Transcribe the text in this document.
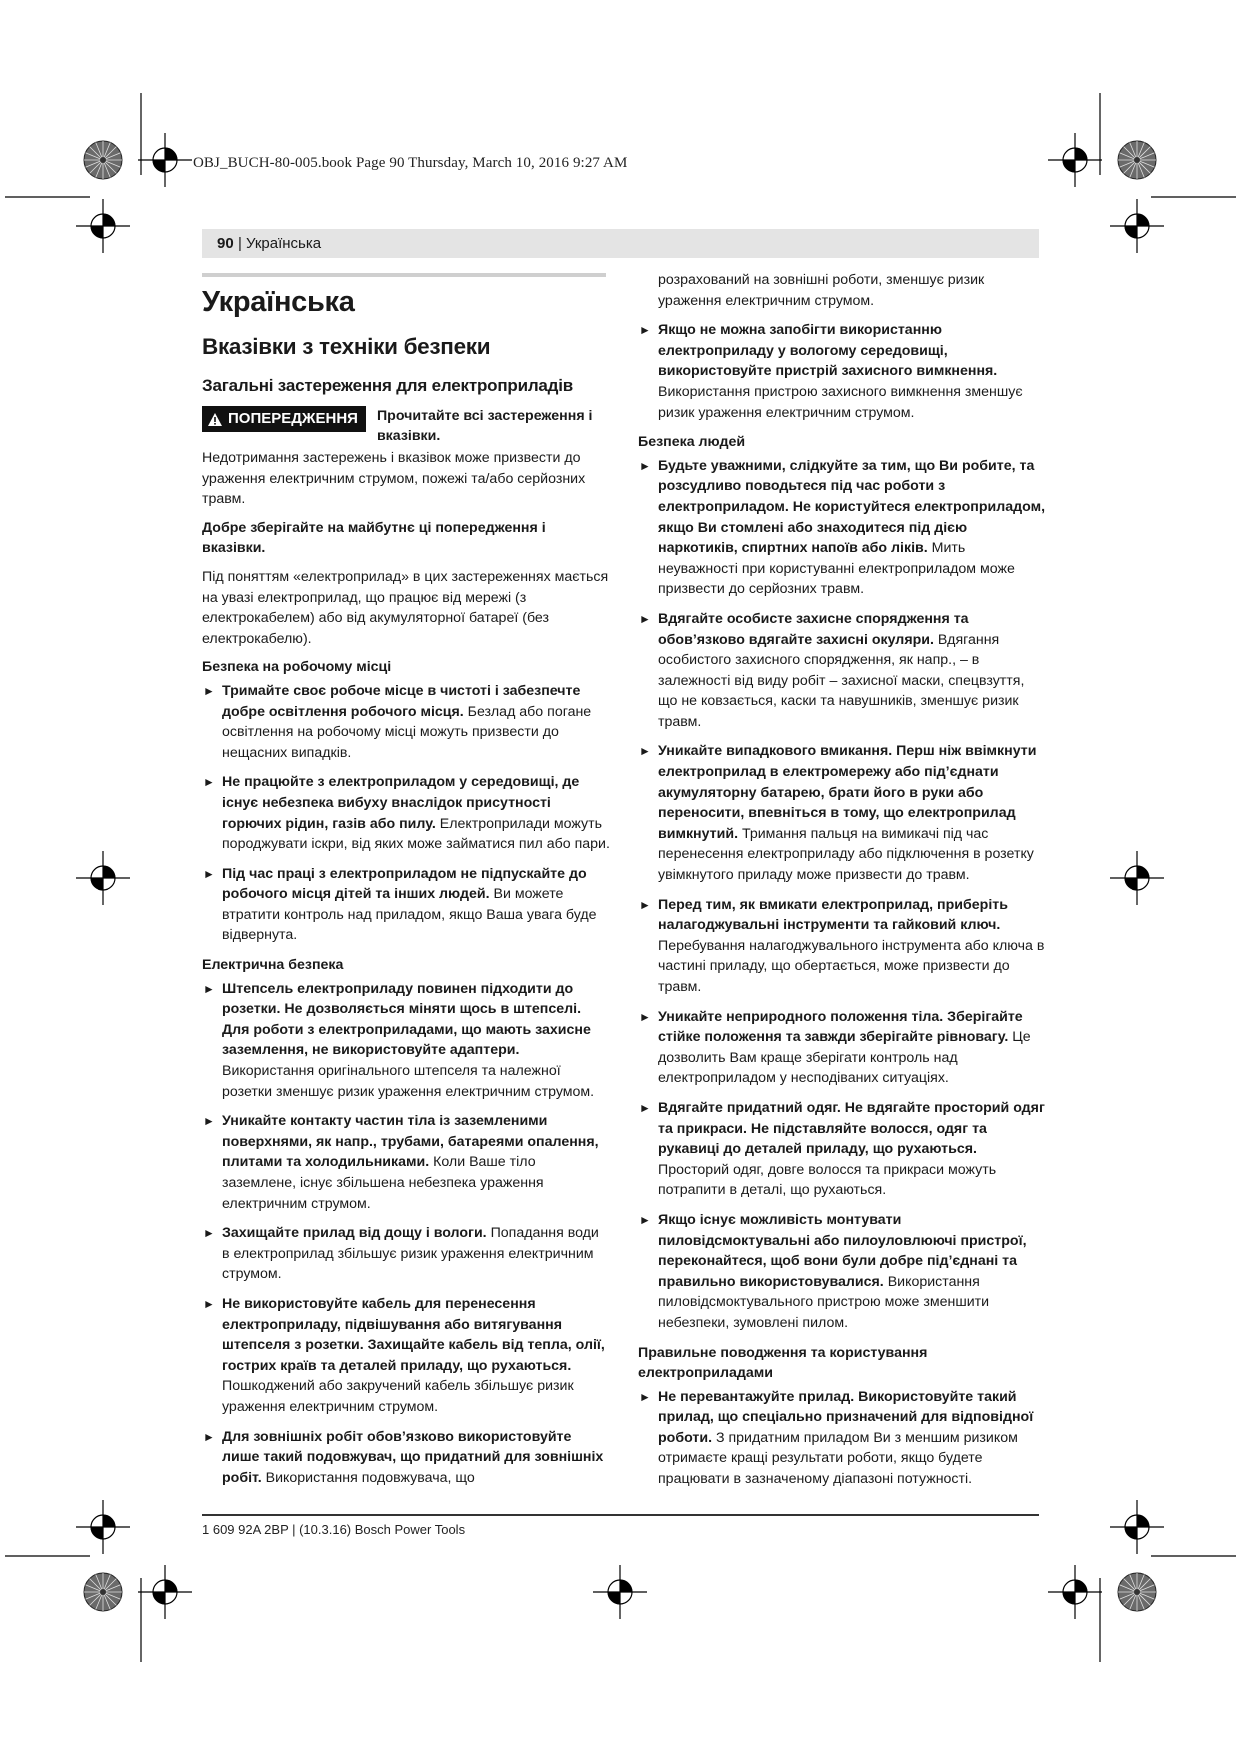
OBJ_BUCH-80-005.book Page 90 Thursday, March 10, 2016 9:27 AM
90 | Українська
Українська
Вказівки з техніки безпеки
Загальні застереження для електроприладів
ПОПЕРЕДЖЕННЯ Прочитайте всі застереження і вказівки.

Недотримання застережень і вказівок може призвести до ураження електричним струмом, пожежі та/або серйозних травм.

Добре зберігайте на майбутнє ці попередження і вказівки.

Під поняттям «електроприлад» в цих застереженнях мається на увазі електроприлад, що працює від мережі (з електрокабелем) або від акумуляторної батареї (без електрокабелю).

Безпека на робочому місці
► Тримайте своє робоче місце в чистоті і забезпечте добре освітлення робочого місця. Безлад або погане освітлення на робочому місці можуть призвести до нещасних випадків.
► Не працюйте з електроприладом у середовищі, де існує небезпека вибуху внаслідок присутності горючих рідин, газів або пилу. Електроприлади можуть породжувати іскри, від яких може займатися пил або пари.
► Під час праці з електроприладом не підпускайте до робочого місця дітей та інших людей. Ви можете втратити контроль над приладом, якщо Ваша увага буде відвернута.
Електрична безпека
► Штепсель електроприладу повинен підходити до розетки. Не дозволяється міняти щось в штепселі. Для роботи з електроприладами, що мають захисне заземлення, не використовуйте адаптери. Використання оригінального штепселя та належної розетки зменшує ризик ураження електричним струмом.
► Уникайте контакту частин тіла із заземленими поверхнями, як напр., трубами, батареями опалення, плитами та холодильниками. Коли Ваше тіло заземлене, існує збільшена небезпека ураження електричним струмом.
► Захищайте прилад від дощу і вологи. Попадання води в електроприлад збільшує ризик ураження електричним струмом.
► Не використовуйте кабель для перенесення електроприладу, підвішування або витягування штепселя з розетки. Захищайте кабель від тепла, олії, гострих країв та деталей приладу, що рухаються. Пошкоджений або закручений кабель збільшує ризик ураження електричним струмом.
► Для зовнішніх робіт обов’язково використовуйте лише такий подовжувач, що придатний для зовнішніх робіт. Використання подовжувача, що

розрахований на зовнішні роботи, зменшує ризик ураження електричним струмом.

► Якщо не можна запобігти використанню електроприладу у вологому середовищі, використовуйте пристрій захисного вимкнення. Використання пристрою захисного вимкнення зменшує ризик ураження електричним струмом.
Безпека людей
► Будьте уважними, слідкуйте за тим, що Ви робите, та розсудливо поводьтеся під час роботи з електроприладом. Не користуйтеся електроприладом, якщо Ви стомлені або знаходитеся під дією наркотиків, спиртних напоїв або ліків. Мить неуважності при користуванні електроприладом може призвести до серйозних травм.
► Вдягайте особисте захисне спорядження та обов’язково вдягайте захисні окуляри. Вдягання особистого захисного спорядження, як напр., – в залежності від виду робіт – захисної маски, спецвзуття, що не ковзається, каски та навушників, зменшує ризик травм.
► Уникайте випадкового вмикання. Перш ніж ввімкнути електроприлад в електромережу або під’єднати акумуляторну батарею, брати його в руки або переносити, впевніться в тому, що електроприлад вимкнутий. Тримання пальця на вимикачі під час перенесення електроприладу або підключення в розетку увімкнутого приладу може призвести до травм.
► Перед тим, як вмикати електроприлад, приберіть налагоджувальні інструменти та гайковий ключ. Перебування налагоджувального інструмента або ключа в частині приладу, що обертається, може призвести до травм.
► Уникайте неприродного положення тіла. Зберігайте стійке положення та завжди зберігайте рівновагу. Це дозволить Вам краще зберігати контроль над електроприладом у несподіваних ситуаціях.
► Вдягайте придатний одяг. Не вдягайте просторий одяг та прикраси. Не підставляйте волосся, одяг та рукавиці до деталей приладу, що рухаються. Просторий одяг, довге волосся та прикраси можуть потрапити в деталі, що рухаються.
► Якщо існує можливість монтувати пиловідсмоктувальні або пилоуловлюючі пристрої, переконайтеся, щоб вони були добре під’єднані та правильно використовувалися. Використання пиловідсмоктувального пристрою може зменшити небезпеки, зумовлені пилом.
Правильне поводження та користування електроприладами
► Не перевантажуйте прилад. Використовуйте такий прилад, що спеціально призначений для відповідної роботи. З придатним приладом Ви з меншим ризиком отримаєте кращі результати роботи, якщо будете працювати в зазначеному діапазоні потужності.
1 609 92A 2BP | (10.3.16) Bosch Power Tools
